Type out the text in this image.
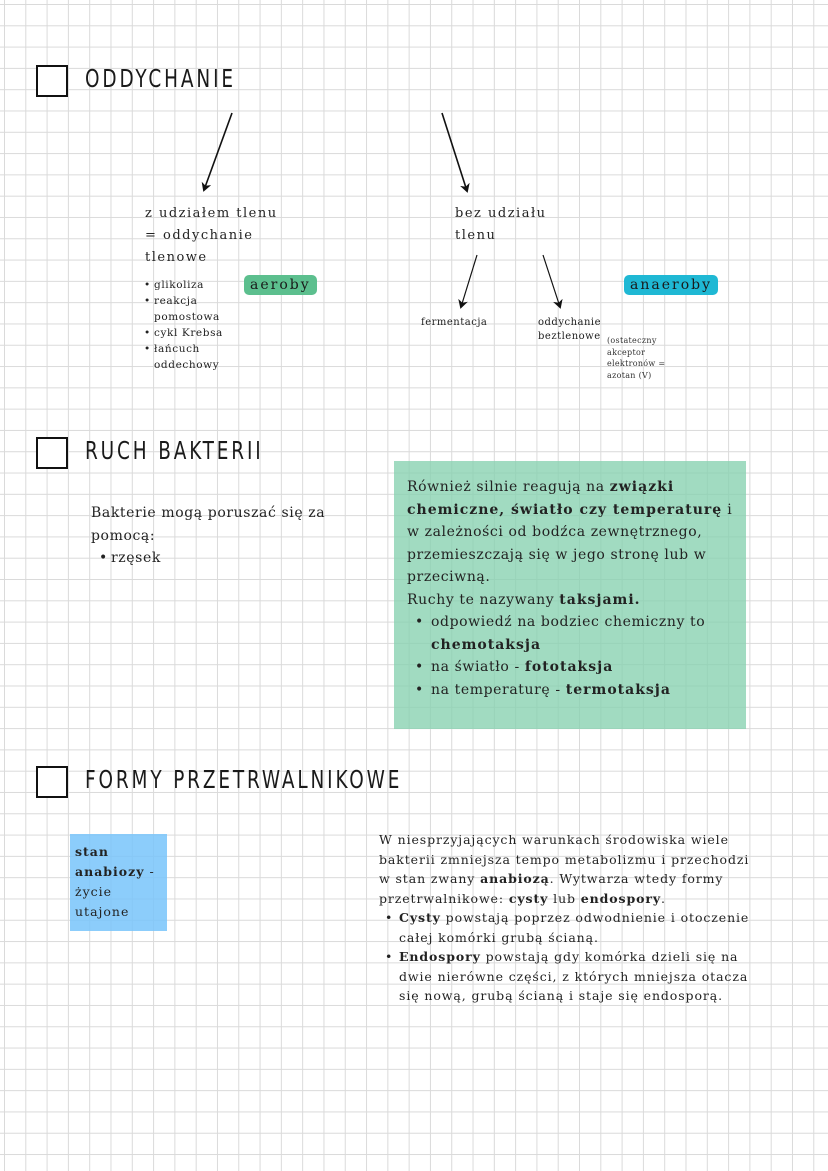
ODDYCHANIE
z udziałem tlenu
= oddychanie
tlenowe
• glikoliza
• reakcja pomostowa
• cykl Krebsa
• łańcuch oddechowy
aeroby
bez udziału
tlenu
anaeroby
fermentacja	oddychanie
beztlenowe (ostateczny
akceptor
elektronów =
azotan (V)
RUCH BAKTERII
Bakterie mogą poruszać się za pomocą:
• rzęsek
Również silnie reagują na związki chemiczne, światło czy temperaturę i w zależności od bodźca zewnętrznego, przemieszczają się w jego stronę lub w przeciwną.
Ruchy te nazywany taksjami.
• odpowiedź na bodziec chemiczny to chemotaksja
• na światło - fototaksja
• na temperaturę - termotaksja
FORMY PRZETRWALNIKOWE
stan anabiozy - życie utajone
W niesprzyjających warunkach środowiska wiele bakterii zmniejsza tempo metabolizmu i przechodzi w stan zwany anabiozą. Wytwarza wtedy formy przetrwalnikowe: cysty lub endospory.
• Cysty powstają poprzez odwodnienie i otoczenie całej komórki grubą ścianą.
• Endospory powstają gdy komórka dzieli się na dwie nierówne części, z których mniejsza otacza się nową, grubą ścianą i staje się endosporą.
